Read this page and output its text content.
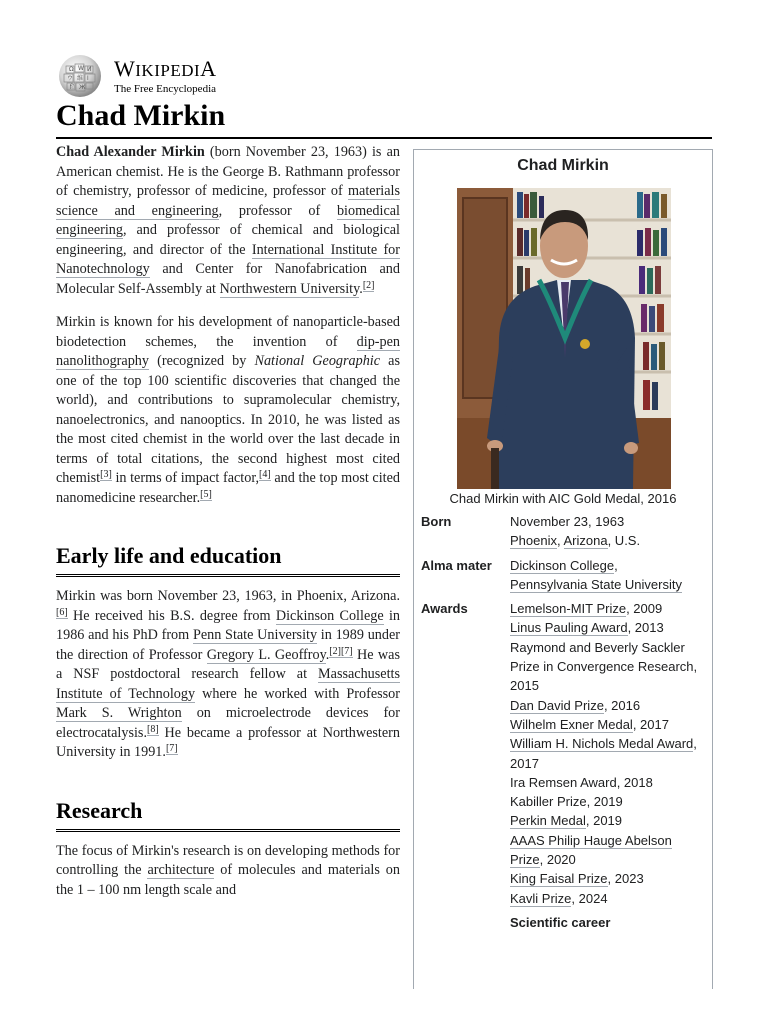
Ω W И
ウ 维 ا
ि Ж
WIKIPEDIA
The Free Encyclopedia
Chad Mirkin

Chad Alexander Mirkin (born November 23, 1963) is an American chemist. He is the George B. Rathmann professor of chemistry, professor of medicine, professor of materials science and engineering, professor of biomedical engineering, and professor of chemical and biological engineering, and director of the International Institute for Nanotechnology and Center for Nanofabrication and Molecular Self-Assembly at Northwestern University.[2]

Mirkin is known for his development of nanoparticle-based biodetection schemes, the invention of dip-pen nanolithography (recognized by National Geographic as one of the top 100 scientific discoveries that changed the world), and contributions to supramolecular chemistry, nanoelectronics, and nanooptics. In 2010, he was listed as the most cited chemist in the world over the last decade in terms of total citations, the second highest most cited chemist[3] in terms of impact factor,[4] and the top most cited nanomedicine researcher.[5]

Early life and education

Mirkin was born November 23, 1963, in Phoenix, Arizona.[6] He received his B.S. degree from Dickinson College in 1986 and his PhD from Penn State University in 1989 under the direction of Professor Gregory L. Geoffroy.[2][7] He was a NSF postdoctoral research fellow at Massachusetts Institute of Technology where he worked with Professor Mark S. Wrighton on microelectrode devices for electrocatalysis.[8] He became a professor at Northwestern University in 1991.[7]

Research

The focus of Mirkin's research is on developing methods for controlling the architecture of molecules and materials on the 1 – 100 nm length scale and

Chad Mirkin
Chad Mirkin with AIC Gold Medal, 2016
Born	November 23, 1963
Phoenix, Arizona, U.S.
Alma mater	Dickinson College,
Pennsylvania State University
Awards	Lemelson-MIT Prize, 2009
Linus Pauling Award, 2013
Raymond and Beverly Sackler Prize in Convergence Research, 2015
Dan David Prize, 2016
Wilhelm Exner Medal, 2017
William H. Nichols Medal Award, 2017
Ira Remsen Award, 2018
Kabiller Prize, 2019
Perkin Medal, 2019
AAAS Philip Hauge Abelson Prize, 2020
King Faisal Prize, 2023
Kavli Prize, 2024
Scientific career
